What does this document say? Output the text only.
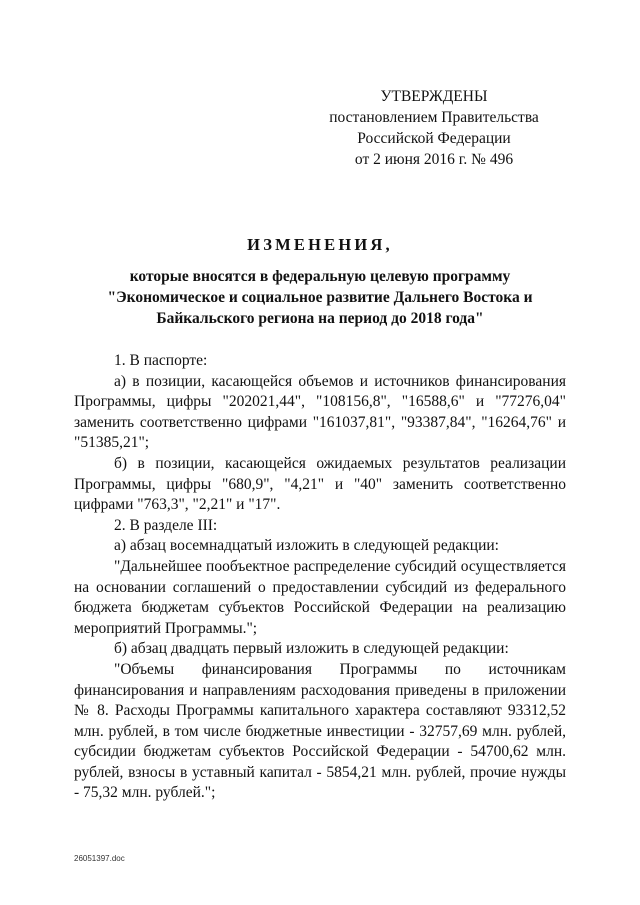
УТВЕРЖДЕНЫ
постановлением Правительства
Российской Федерации
от 2 июня 2016 г. № 496
ИЗМЕНЕНИЯ,
которые вносятся в федеральную целевую программу
"Экономическое и социальное развитие Дальнего Востока и
Байкальского региона на период до 2018 года"

1. В паспорте:

а) в позиции, касающейся объемов и источников финансирования Программы, цифры "202021,44", "108156,8", "16588,6" и "77276,04" заменить соответственно цифрами "161037,81", "93387,84", "16264,76" и "51385,21";

б) в позиции, касающейся ожидаемых результатов реализации Программы, цифры "680,9", "4,21" и "40" заменить соответственно цифрами "763,3", "2,21" и "17".

2. В разделе III:

а) абзац восемнадцатый изложить в следующей редакции:

"Дальнейшее пообъектное распределение субсидий осуществляется на основании соглашений о предоставлении субсидий из федерального бюджета бюджетам субъектов Российской Федерации на реализацию мероприятий Программы.";

б) абзац двадцать первый изложить в следующей редакции:

"Объемы финансирования Программы по источникам финансирования и направлениям расходования приведены в приложении № 8. Расходы Программы капитального характера составляют 93312,52 млн. рублей, в том числе бюджетные инвестиции - 32757,69 млн. рублей, субсидии бюджетам субъектов Российской Федерации - 54700,62 млн. рублей, взносы в уставный капитал - 5854,21 млн. рублей, прочие нужды - 75,32 млн. рублей.";

26051397.doc
